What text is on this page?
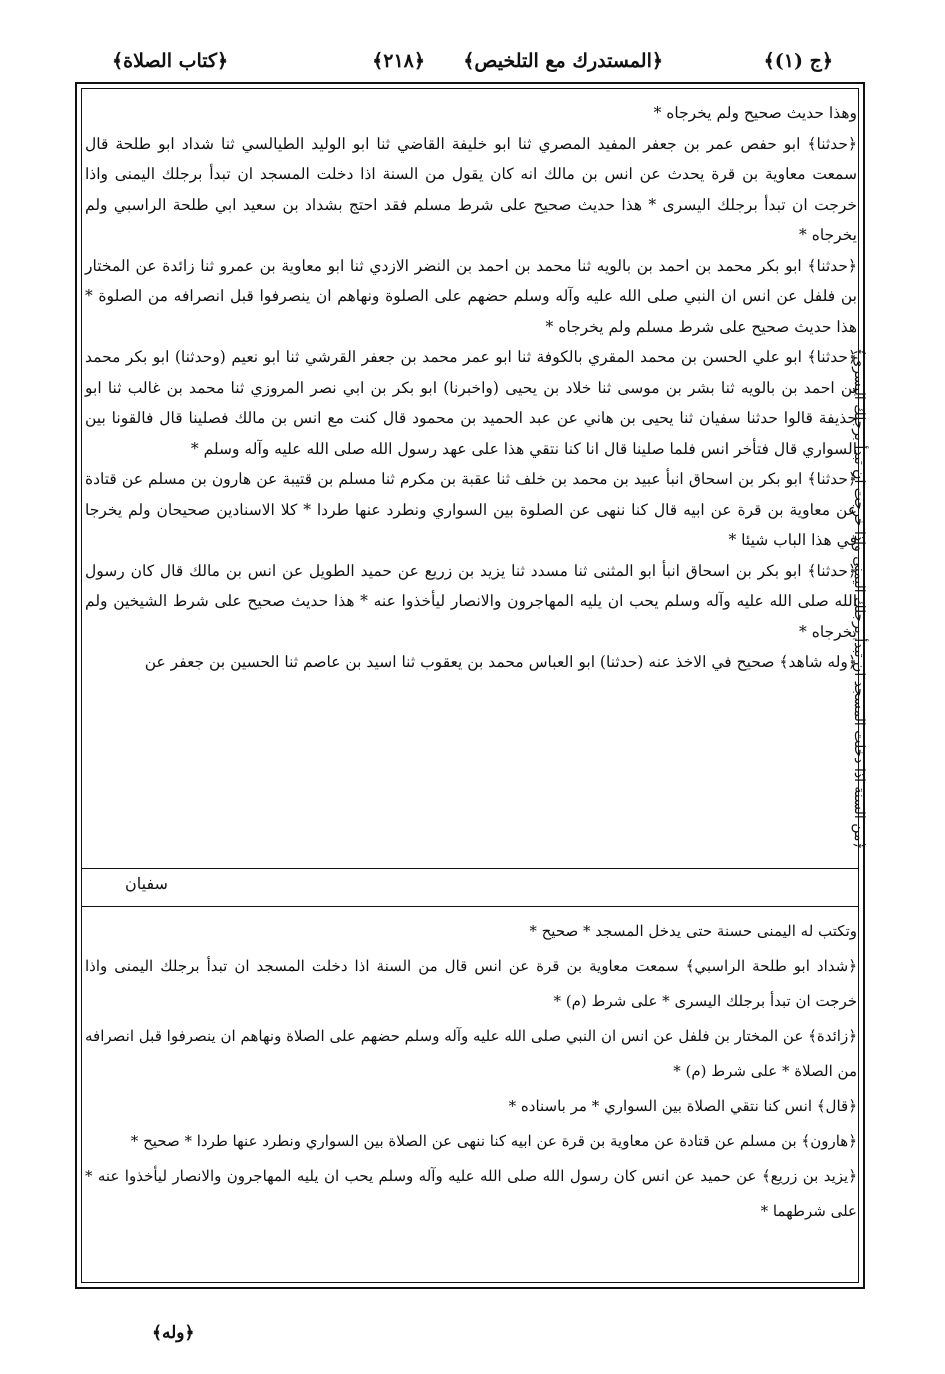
﴿ج (١)﴾
﴿المستدرك مع التلخيص﴾
﴿٢١٨﴾
﴿كتاب الصلاة﴾

وهذا حديث صحيح ولم يخرجاه *

﴿حدثنا﴾ ابو حفص عمر بن جعفر المفيد المصري ثنا ابو خليفة القاضي ثنا ابو الوليد الطيالسي ثنا شداد ابو طلحة قال سمعت معاوية بن قرة يحدث عن انس بن مالك انه كان يقول من السنة اذا دخلت المسجد ان تبدأ برجلك اليمنى واذا خرجت ان تبدأ برجلك اليسرى * هذا حديث صحيح على شرط مسلم فقد احتج بشداد بن سعيد ابي طلحة الراسبي ولم يخرجاه *

﴿حدثنا﴾ ابو بكر محمد بن احمد بن بالويه ثنا محمد بن احمد بن النضر الازدي ثنا ابو معاوية بن عمرو ثنا زائدة عن المختار بن فلفل عن انس ان النبي صلى الله عليه وآله وسلم حضهم على الصلوة ونهاهم ان ينصرفوا قبل انصرافه من الصلوة * هذا حديث صحيح على شرط مسلم ولم يخرجاه *

﴿حدثنا﴾ ابو علي الحسن بن محمد المقري بالكوفة ثنا ابو عمر محمد بن جعفر القرشي ثنا ابو نعيم (وحدثنا) ابو بكر محمد بن احمد بن بالويه ثنا بشر بن موسى ثنا خلاد بن يحيى (واخبرنا) ابو بكر بن ابي نصر المروزي ثنا محمد بن غالب ثنا ابو حذيفة قالوا حدثنا سفيان ثنا يحيى بن هاني عن عبد الحميد بن محمود قال كنت مع انس بن مالك فصلينا قال فالقونا بين السواري قال فتأخر انس فلما صلينا قال انا كنا نتقي هذا على عهد رسول الله صلى الله عليه وآله وسلم *

﴿حدثنا﴾ ابو بكر بن اسحاق انبأ عبيد بن محمد بن خلف ثنا عقبة بن مكرم ثنا مسلم بن قتيبة عن هارون بن مسلم عن قتادة عن معاوية بن قرة عن ابيه قال كنا ننهى عن الصلوة بين السواري ونطرد عنها طردا * كلا الاسنادين صحيحان ولم يخرجا في هذا الباب شيئا *

﴿حدثنا﴾ ابو بكر بن اسحاق انبأ ابو المثنى ثنا مسدد ثنا يزيد بن زريع عن حميد الطويل عن انس بن مالك قال كان رسول الله صلى الله عليه وآله وسلم يحب ان يليه المهاجرون والانصار ليأخذوا عنه * هذا حديث صحيح على شرط الشيخين ولم يخرجاه *

﴿وله شاهد﴾ صحيح في الاخذ عنه (حدثنا) ابو العباس محمد بن يعقوب ثنا اسيد بن عاصم ثنا الحسين بن جعفر عن

سفيان

وتكتب له اليمنى حسنة حتى يدخل المسجد * صحيح *

﴿شداد ابو طلحة الراسبي﴾ سمعت معاوية بن قرة عن انس قال من السنة اذا دخلت المسجد ان تبدأ برجلك اليمنى واذا خرجت ان تبدأ برجلك اليسرى * على شرط (م) *

﴿زائدة﴾ عن المختار بن فلفل عن انس ان النبي صلى الله عليه وآله وسلم حضهم على الصلاة ونهاهم ان ينصرفوا قبل انصرافه من الصلاة * على شرط (م) *

﴿قال﴾ انس كنا نتقي الصلاة بين السواري * مر باسناده *

﴿هارون﴾ بن مسلم عن قتادة عن معاوية بن قرة عن ابيه كنا ننهى عن الصلاة بين السواري ونطرد عنها طردا * صحيح *

﴿يزيد بن زريع﴾ عن حميد عن انس كان رسول الله صلى الله عليه وآله وسلم يحب ان يليه المهاجرون والانصار ليأخذوا عنه * على شرطهما *

﴿من السنة اذا دخلت المسجد ان تبدأ برجلك اليمنى واذا خرجت ان تبدأ برجلك اليسرى﴾
﴿وله﴾
